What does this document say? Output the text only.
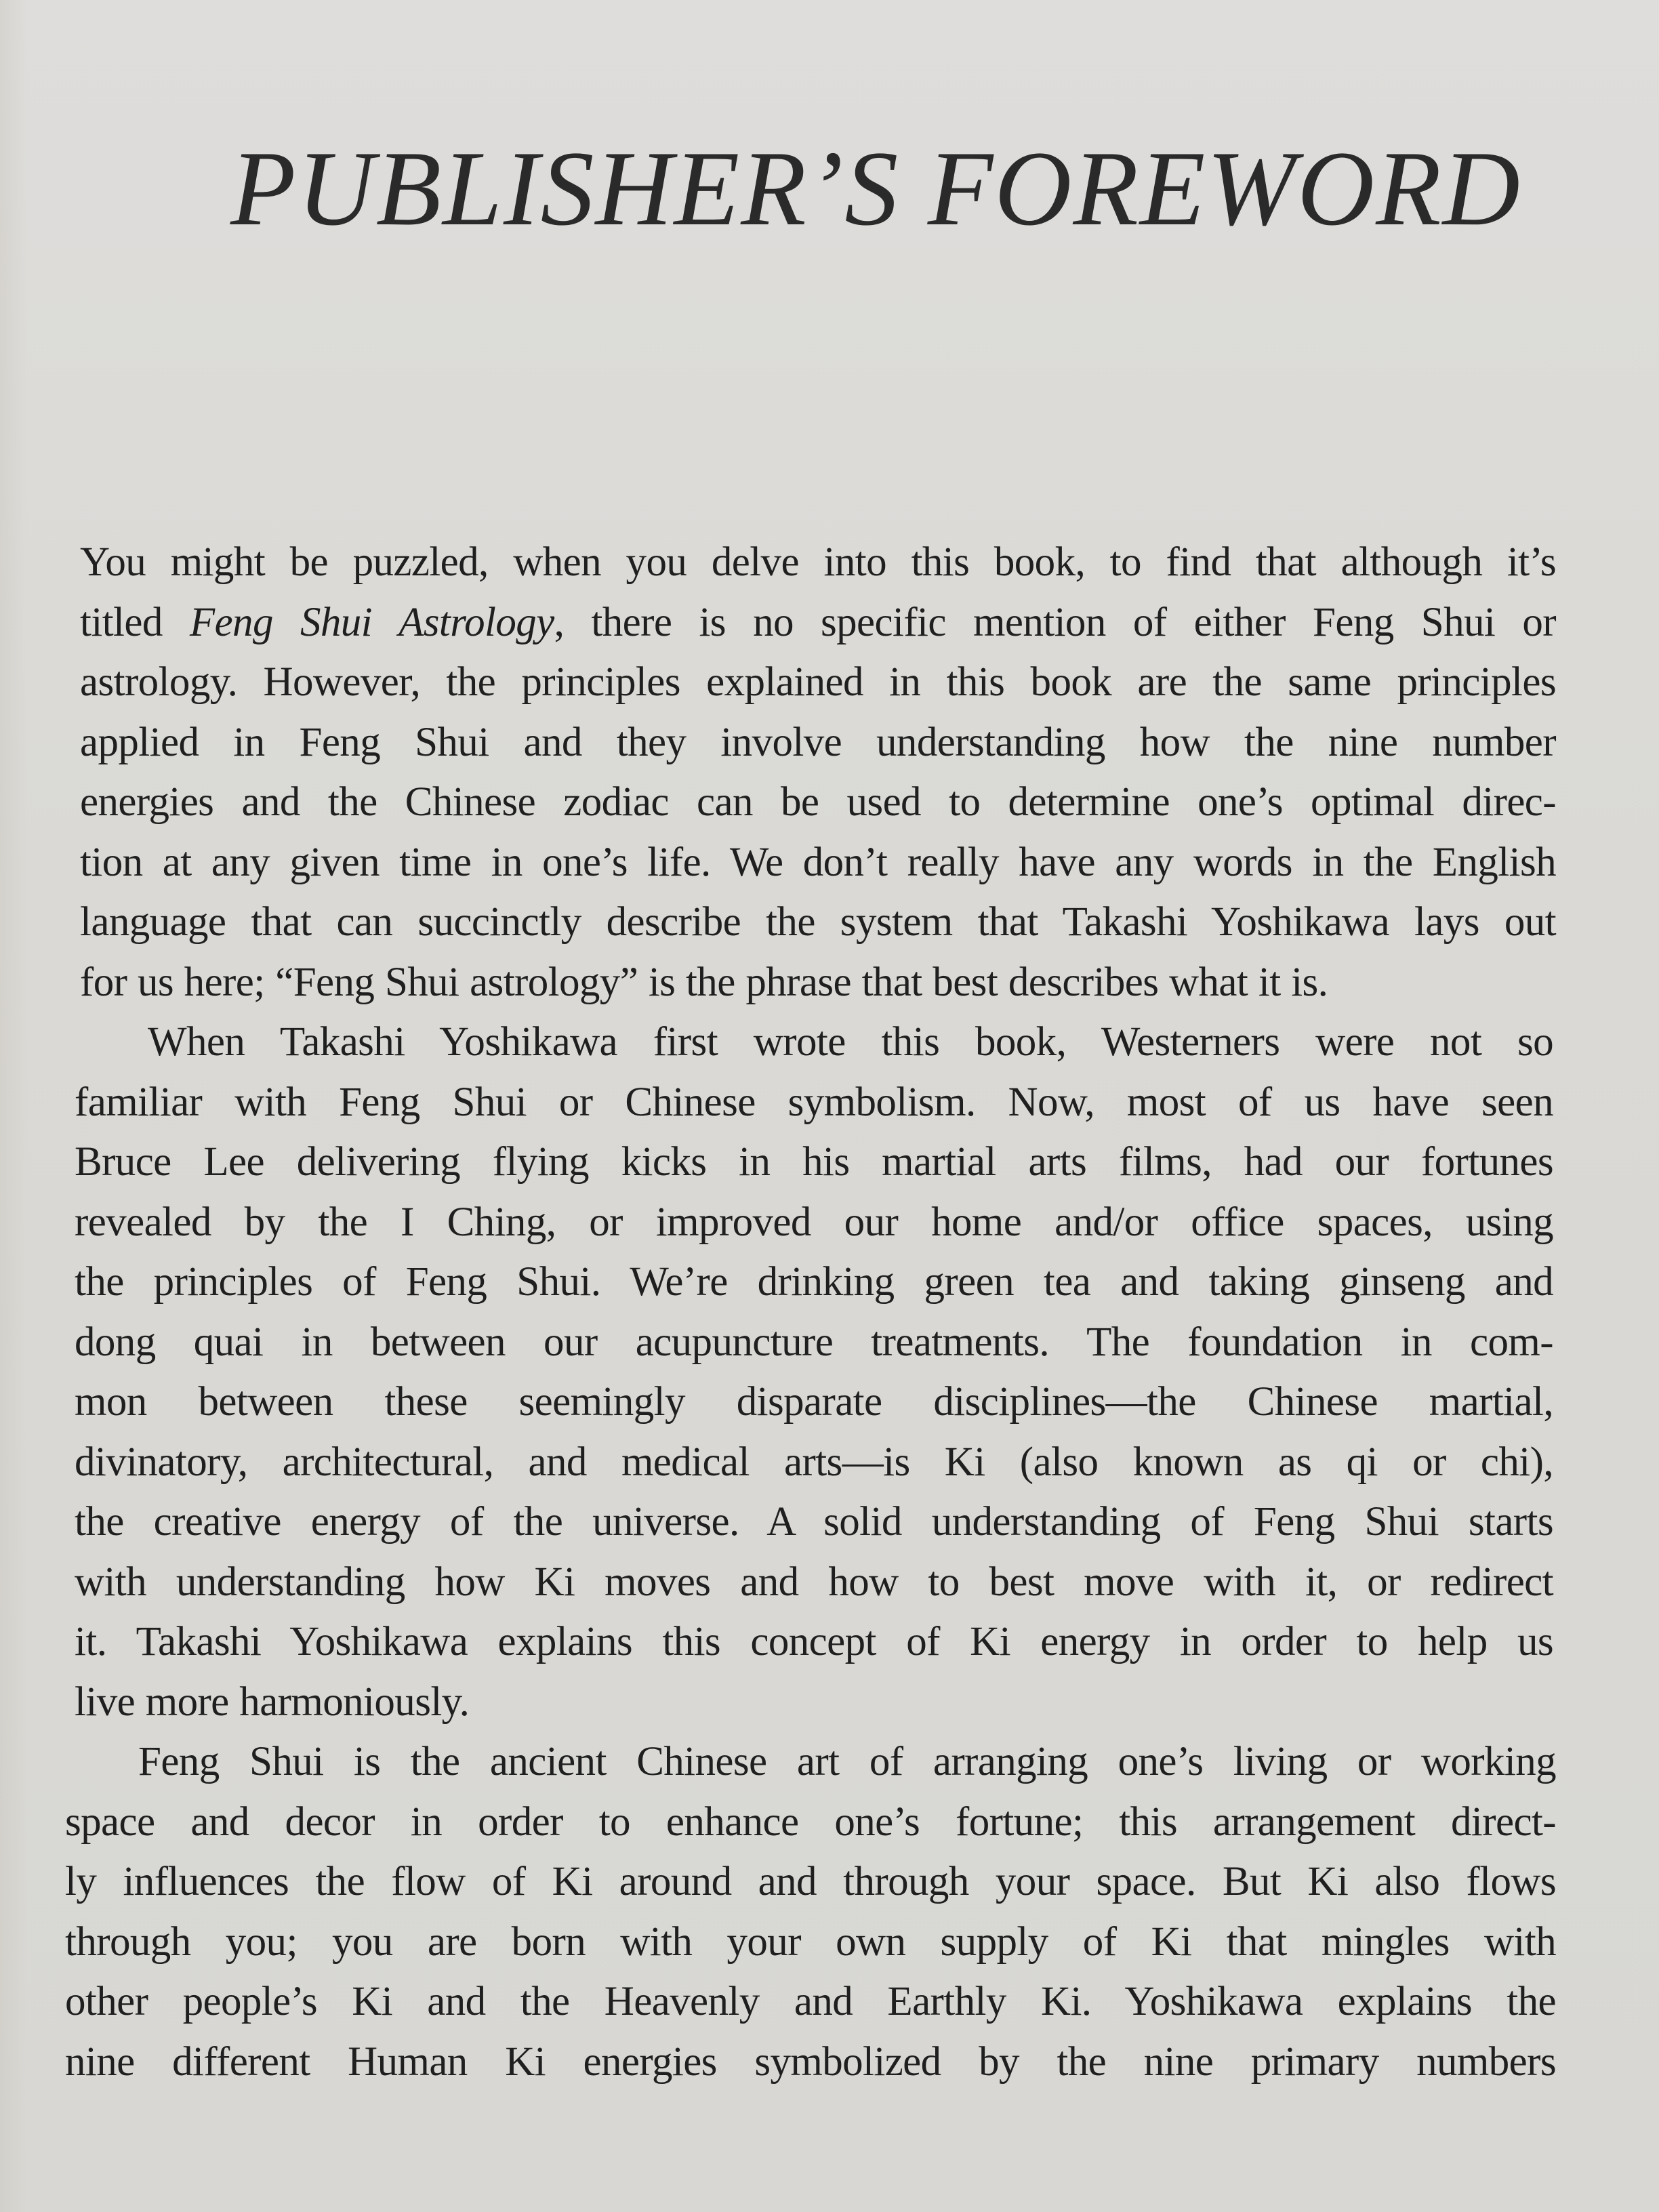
PUBLISHER’S FOREWORD

You might be puzzled, when you delve into this book, to find that although it’s
titled Feng Shui Astrology, there is no specific mention of either Feng Shui or
astrology. However, the principles explained in this book are the same principles
applied in Feng Shui and they involve understanding how the nine number
energies and the Chinese zodiac can be used to determine one’s optimal direc-
tion at any given time in one’s life. We don’t really have any words in the English
language that can succinctly describe the system that Takashi Yoshikawa lays out
for us here; “Feng Shui astrology” is the phrase that best describes what it is.

When Takashi Yoshikawa first wrote this book, Westerners were not so
familiar with Feng Shui or Chinese symbolism. Now, most of us have seen
Bruce Lee delivering flying kicks in his martial arts films, had our fortunes
revealed by the I Ching, or improved our home and/or office spaces, using
the principles of Feng Shui. We’re drinking green tea and taking ginseng and
dong quai in between our acupuncture treatments. The foundation in com-
mon between these seemingly disparate disciplines—the Chinese martial,
divinatory, architectural, and medical arts—is Ki (also known as qi or chi),
the creative energy of the universe. A solid understanding of Feng Shui starts
with understanding how Ki moves and how to best move with it, or redirect
it. Takashi Yoshikawa explains this concept of Ki energy in order to help us
live more harmoniously.

Feng Shui is the ancient Chinese art of arranging one’s living or working
space and decor in order to enhance one’s fortune; this arrangement direct-
ly influences the flow of Ki around and through your space. But Ki also flows
through you; you are born with your own supply of Ki that mingles with
other people’s Ki and the Heavenly and Earthly Ki. Yoshikawa explains the
nine different Human Ki energies symbolized by the nine primary numbers
